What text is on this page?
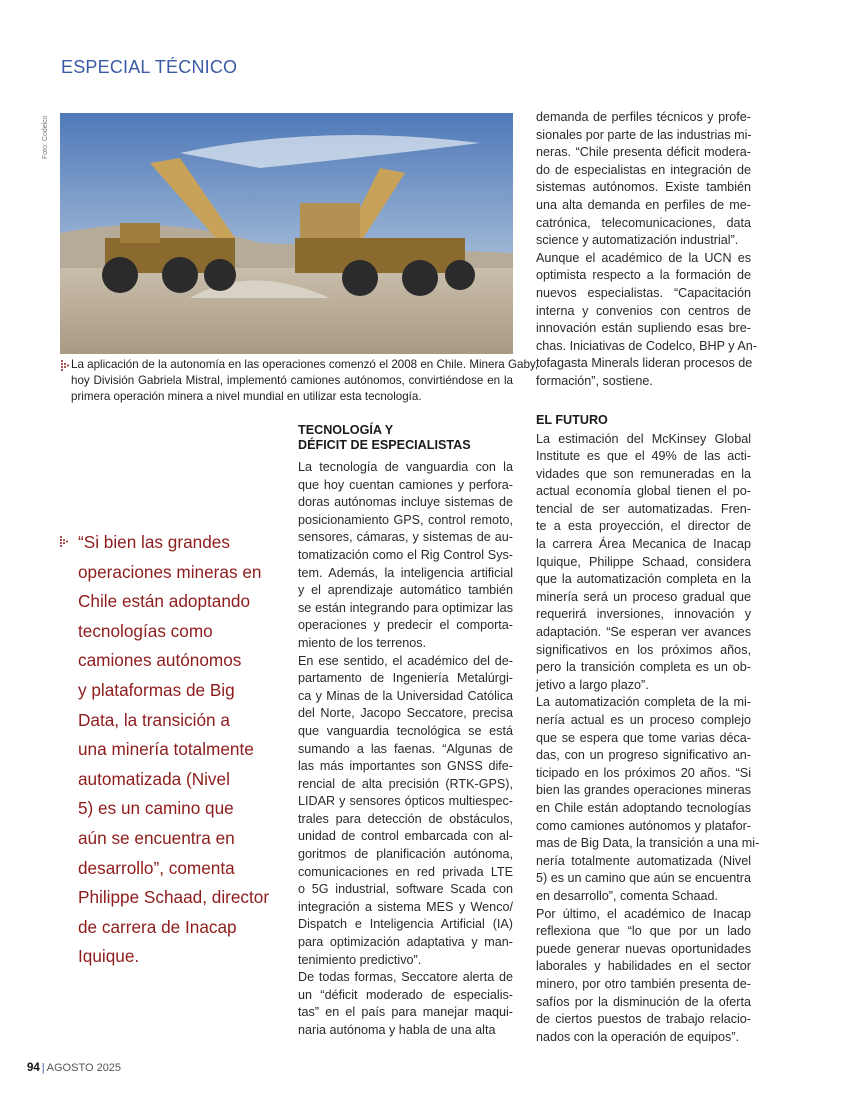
ESPECIAL TÉCNICO
Foto: Codelco
La aplicación de la autonomía en las operaciones comenzó el 2008 en Chile. Minera Gaby,
hoy División Gabriela Mistral, implementó camiones autónomos, convirtiéndose en la
primera operación minera a nivel mundial en utilizar esta tecnología.
“Si bien las grandes
operaciones mineras en
Chile están adoptando
tecnologías como
camiones autónomos
y plataformas de Big
Data, la transición a
una minería totalmente
automatizada (Nivel
5) es un camino que
aún se encuentra en
desarrollo”, comenta
Philippe Schaad, director
de carrera de Inacap
Iquique.
TECNOLOGÍA Y
DÉFICIT DE ESPECIALISTAS
La tecnología de vanguardia con la
que hoy cuentan camiones y perfora-
doras autónomas incluye sistemas de
posicionamiento GPS, control remoto,
sensores, cámaras, y sistemas de au-
tomatización como el Rig Control Sys-
tem. Además, la inteligencia artificial
y el aprendizaje automático también
se están integrando para optimizar las
operaciones y predecir el comporta-
miento de los terrenos.
En ese sentido, el académico del de-
partamento de Ingeniería Metalúrgi-
ca y Minas de la Universidad Católica
del Norte, Jacopo Seccatore, precisa
que vanguardia tecnológica se está
sumando a las faenas. “Algunas de
las más importantes son GNSS dife-
rencial de alta precisión (RTK-GPS),
LIDAR y sensores ópticos multiespec-
trales para detección de obstáculos,
unidad de control embarcada con al-
goritmos de planificación autónoma,
comunicaciones en red privada LTE
o 5G industrial, software Scada con
integración a sistema MES y Wenco/
Dispatch e Inteligencia Artificial (IA)
para optimización adaptativa y man-
tenimiento predictivo”.
De todas formas, Seccatore alerta de
un “déficit moderado de especialis-
tas” en el país para manejar maqui-
naria autónoma y habla de una alta
demanda de perfiles técnicos y profe-
sionales por parte de las industrias mi-
neras. “Chile presenta déficit modera-
do de especialistas en integración de
sistemas autónomos. Existe también
una alta demanda en perfiles de me-
catrónica, telecomunicaciones, data
science y automatización industrial”.
Aunque el académico de la UCN es
optimista respecto a la formación de
nuevos especialistas. “Capacitación
interna y convenios con centros de
innovación están supliendo esas bre-
chas. Iniciativas de Codelco, BHP y An-
tofagasta Minerals lideran procesos de
formación”, sostiene.
EL FUTURO
La estimación del McKinsey Global
Institute es que el 49% de las acti-
vidades que son remuneradas en la
actual economía global tienen el po-
tencial de ser automatizadas. Fren-
te a esta proyección, el director de
la carrera Área Mecanica de Inacap
Iquique, Philippe Schaad, considera
que la automatización completa en la
minería será un proceso gradual que
requerirá inversiones, innovación y
adaptación. “Se esperan ver avances
significativos en los próximos años,
pero la transición completa es un ob-
jetivo a largo plazo”.
La automatización completa de la mi-
nería actual es un proceso complejo
que se espera que tome varias déca-
das, con un progreso significativo an-
ticipado en los próximos 20 años. “Si
bien las grandes operaciones mineras
en Chile están adoptando tecnologías
como camiones autónomos y platafor-
mas de Big Data, la transición a una mi-
nería totalmente automatizada (Nivel
5) es un camino que aún se encuentra
en desarrollo”, comenta Schaad.
Por último, el académico de Inacap
reflexiona que “lo que por un lado
puede generar nuevas oportunidades
laborales y habilidades en el sector
minero, por otro también presenta de-
safíos por la disminución de la oferta
de ciertos puestos de trabajo relacio-
nados con la operación de equipos”.
94 | AGOSTO 2025
